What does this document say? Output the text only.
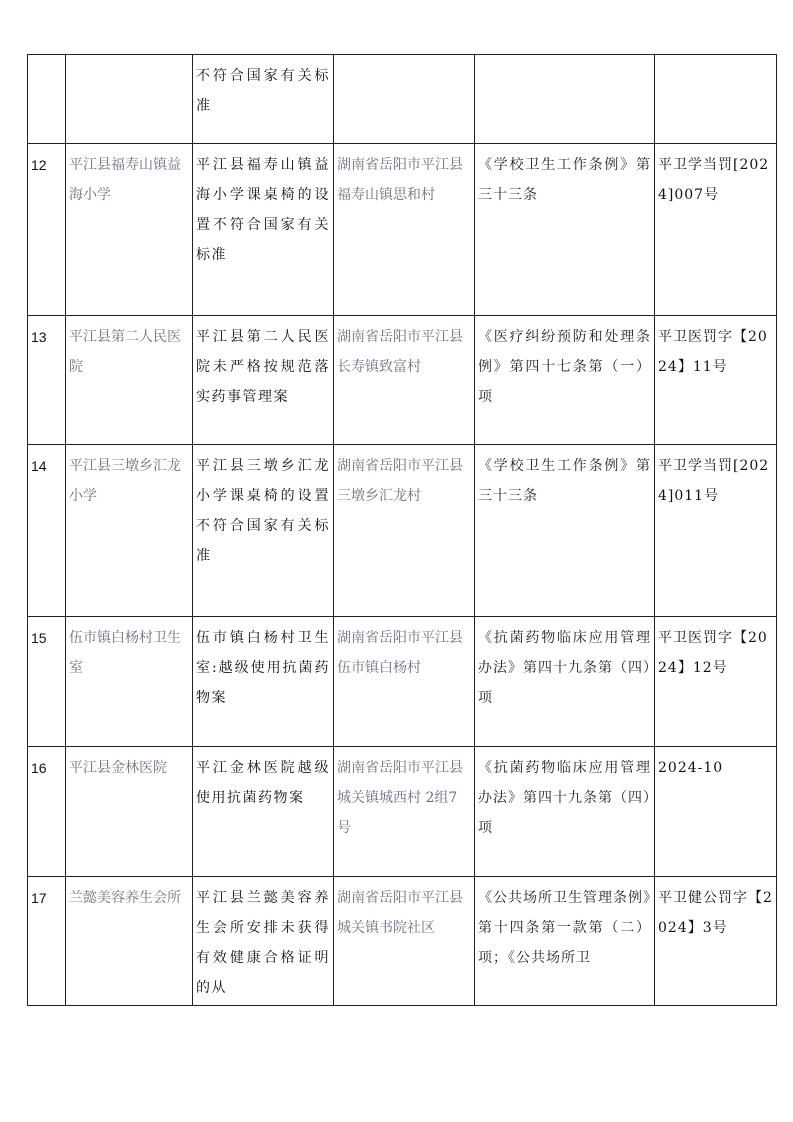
		不符合国家有关标准			
12	平江县福寿山镇益海小学	平江县福寿山镇益海小学课桌椅的设置不符合国家有关标准	湖南省岳阳市平江县福寿山镇思和村	《学校卫生工作条例》第三十三条	平卫学当罚[2024]007号
13	平江县第二人民医院	平江县第二人民医院未严格按规范落实药事管理案	湖南省岳阳市平江县长寿镇致富村	《医疗纠纷预防和处理条例》第四十七条第（一）项	平卫医罚字【2024】11号
14	平江县三墩乡汇龙小学	平江县三墩乡汇龙小学课桌椅的设置不符合国家有关标准	湖南省岳阳市平江县三墩乡汇龙村	《学校卫生工作条例》第三十三条	平卫学当罚[2024]011号
15	伍市镇白杨村卫生室	伍市镇白杨村卫生室:越级使用抗菌药物案	湖南省岳阳市平江县伍市镇白杨村	《抗菌药物临床应用管理办法》第四十九条第（四）项	平卫医罚字【2024】12号
16	平江县金林医院	平江金林医院越级使用抗菌药物案	湖南省岳阳市平江县城关镇城西村 2组7号	《抗菌药物临床应用管理办法》第四十九条第（四）项	2024-10
17	兰懿美容养生会所	平江县兰懿美容养生会所安排未获得有效健康合格证明的从	湖南省岳阳市平江县城关镇书院社区	《公共场所卫生管理条例》第十四条第一款第（二）项；《公共场所卫	平卫健公罚字【2024】3号
